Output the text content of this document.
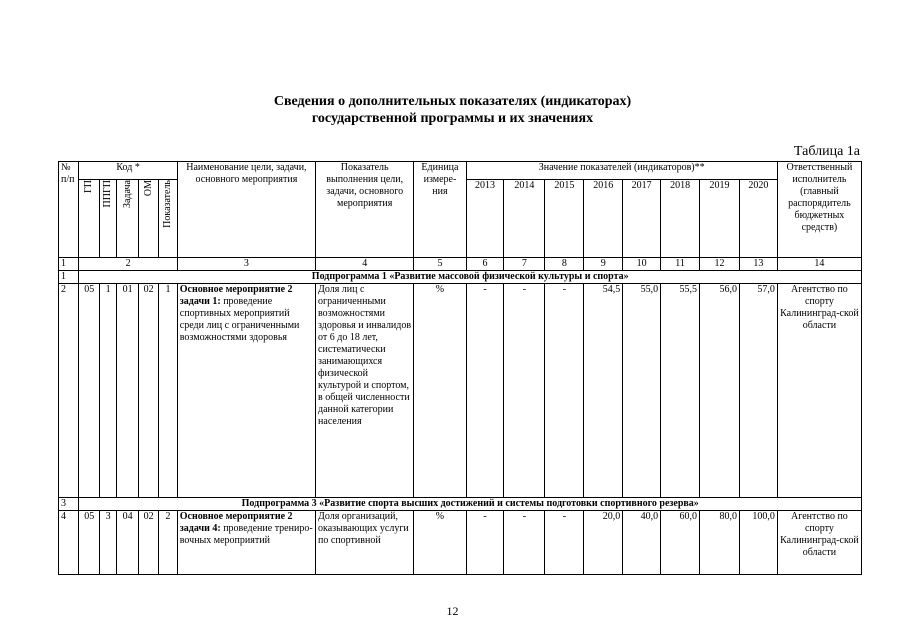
Сведения о дополнительных показателях (индикаторах)
государственной программы и их значениях
Таблица 1а
№ п/п	Код *					Наименование цели, задачи, основного мероприятия	Показатель выполнения цели, задачи, основного мероприятия	Единица измере-ния	Значение показателей (индикаторов)**								Ответственный исполнитель (главный распорядитель бюджетных средств)
	ГП	ППГП	Задача	ОМ	Показатель				2013	2014	2015	2016	2017	2018	2019	2020	
1	2					3	4	5	6	7	8	9	10	11	12	13	14
1	Подпрограмма 1 «Развитие массовой физической культуры и спорта»																
2	05	1	01	02	1	Основное мероприятие 2 задачи 1: проведение спортивных мероприятий среди лиц с ограниченными возможностями здоровья	Доля лиц с ограниченными возможностями здоровья и инвалидов от 6 до 18 лет, систематически занимающихся физической культурой и спортом, в общей численности данной категории населения	%	-	-	-	54,5	55,0	55,5	56,0	57,0	Агентство по спорту Калининград-ской области
3	Подпрограмма 3 «Развитие спорта высших достижений и системы подготовки спортивного резерва»																
4	05	3	04	02	2	Основное мероприятие 2 задачи 4: проведение трениро-вочных мероприятий	Доля организаций, оказывающих услуги по спортивной	%	-	-	-	20,0	40,0	60,0	80,0	100,0	Агентство по спорту Калининград-ской области
12
